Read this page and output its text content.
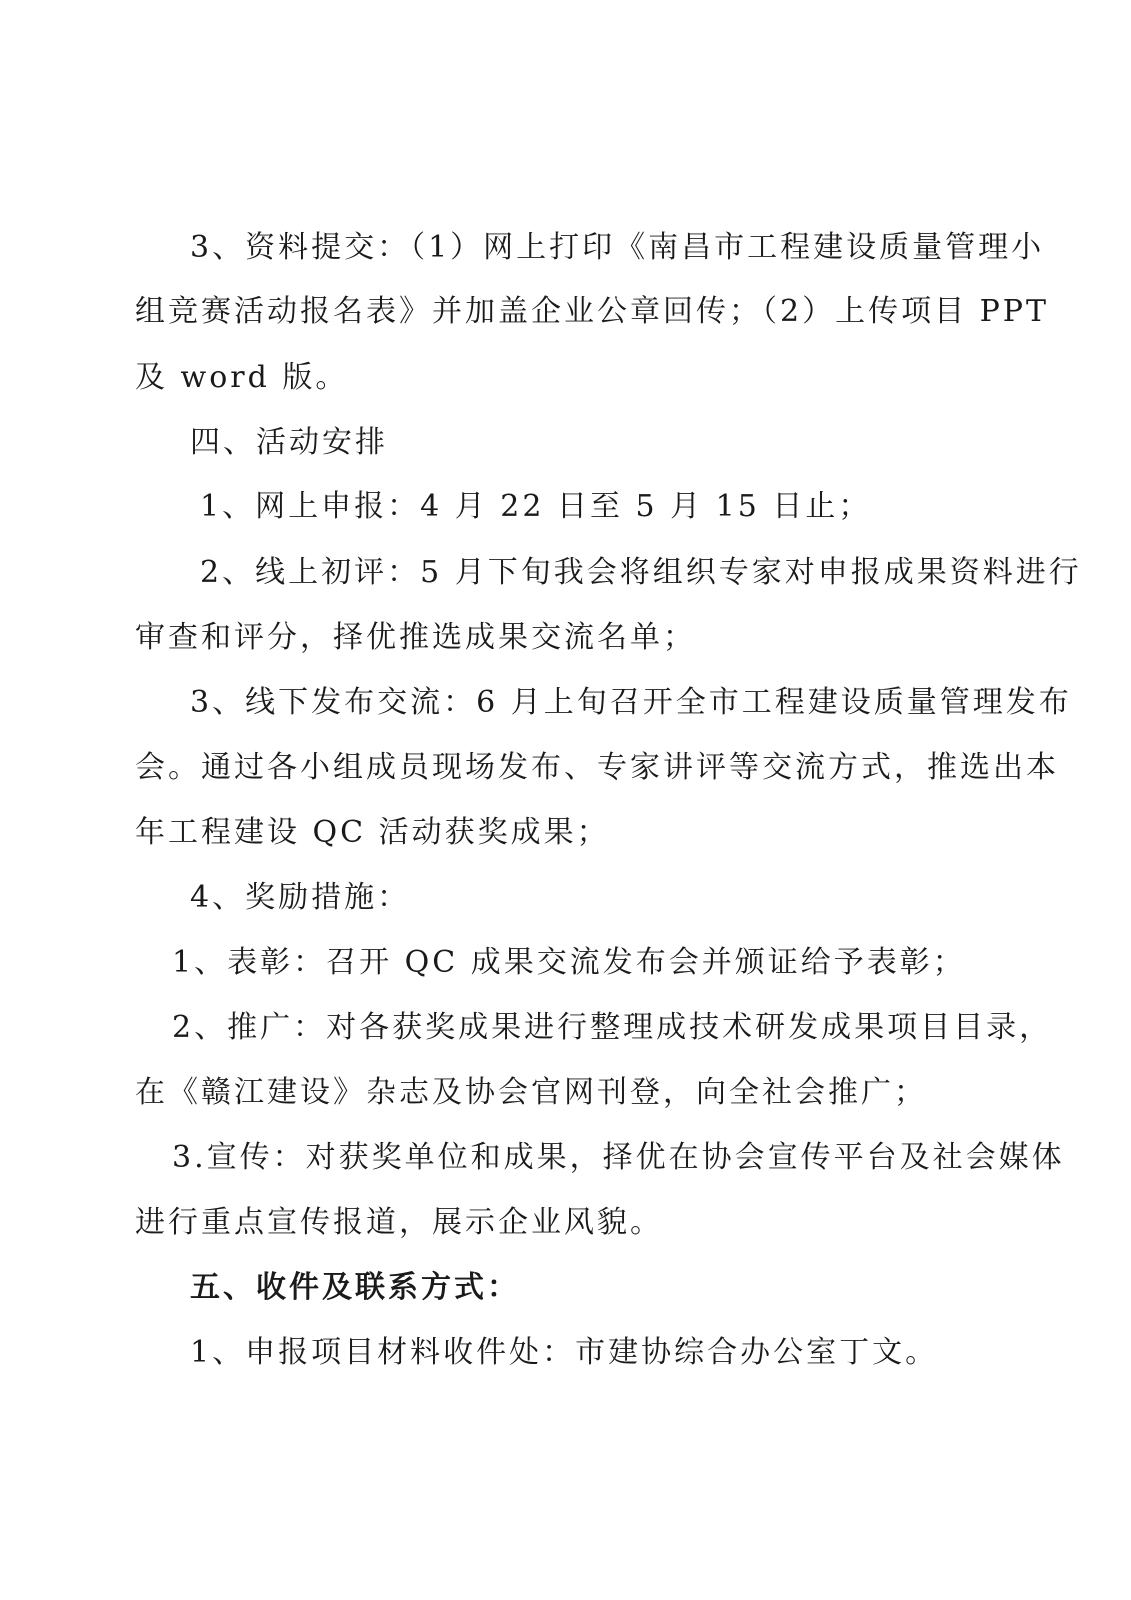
3、资料提交：（1）网上打印《南昌市工程建设质量管理小
组竞赛活动报名表》并加盖企业公章回传；（2）上传项目 PPT
及 word 版。
四、活动安排
1、网上申报：4 月 22 日至 5 月 15 日止；
2、线上初评：5 月下旬我会将组织专家对申报成果资料进行
审查和评分，择优推选成果交流名单；
3、线下发布交流：6 月上旬召开全市工程建设质量管理发布
会。通过各小组成员现场发布、专家讲评等交流方式，推选出本
年工程建设 QC 活动获奖成果；
4、奖励措施：
1、表彰：召开 QC 成果交流发布会并颁证给予表彰；
2、推广：对各获奖成果进行整理成技术研发成果项目目录，
在《赣江建设》杂志及协会官网刊登，向全社会推广；
3.宣传：对获奖单位和成果，择优在协会宣传平台及社会媒体
进行重点宣传报道，展示企业风貌。
五、收件及联系方式：
1、申报项目材料收件处：市建协综合办公室丁文。
